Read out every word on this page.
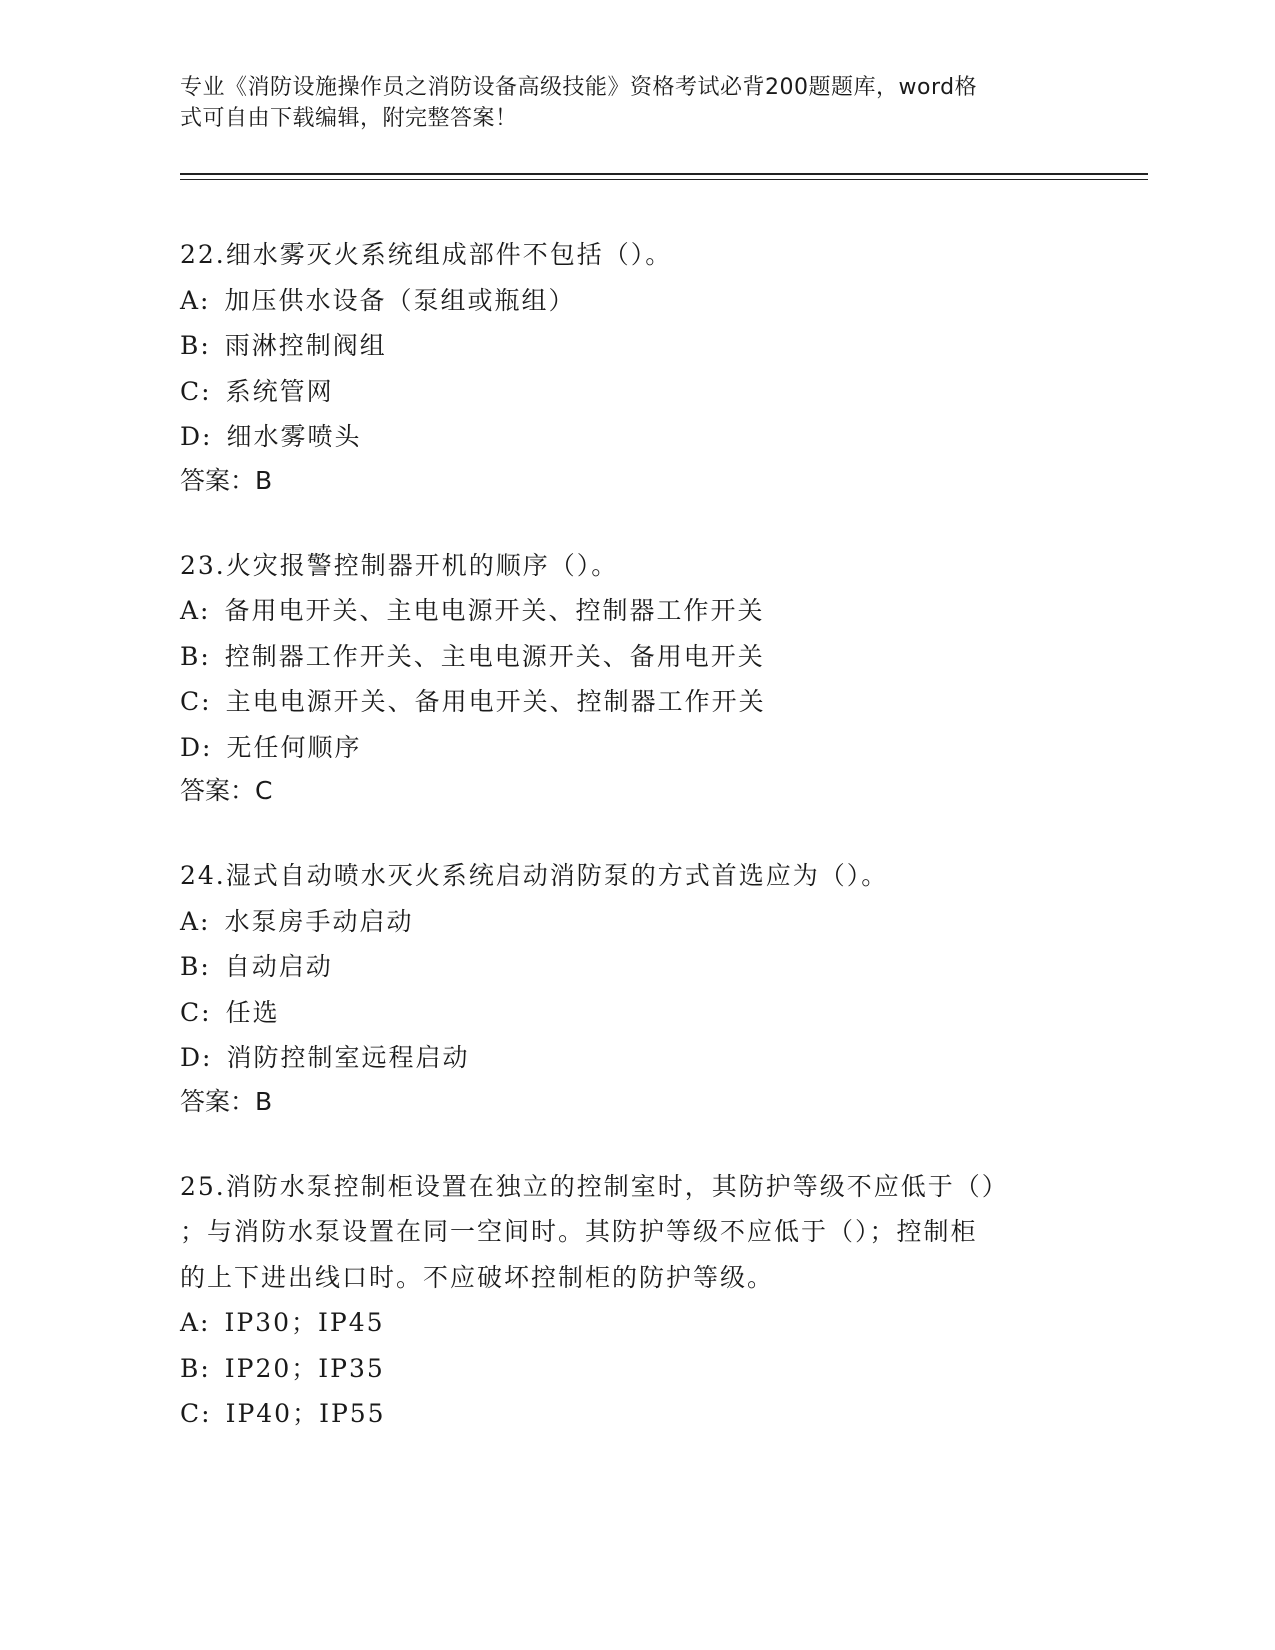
专业《消防设施操作员之消防设备高级技能》资格考试必背200题题库，word格
式可自由下载编辑，附完整答案！
22.细水雾灭火系统组成部件不包括（）。
A: 加压供水设备（泵组或瓶组）
B: 雨淋控制阀组
C: 系统管网
D: 细水雾喷头
答案：B
23.火灾报警控制器开机的顺序（）。
A: 备用电开关、主电电源开关、控制器工作开关
B: 控制器工作开关、主电电源开关、备用电开关
C: 主电电源开关、备用电开关、控制器工作开关
D: 无任何顺序
答案：C
24.湿式自动喷水灭火系统启动消防泵的方式首选应为（）。
A: 水泵房手动启动
B: 自动启动
C: 任选
D: 消防控制室远程启动
答案：B
25.消防水泵控制柜设置在独立的控制室时，其防护等级不应低于（）
；与消防水泵设置在同一空间时。其防护等级不应低于（）；控制柜
的上下进出线口时。不应破坏控制柜的防护等级。
A: IP30；IP45
B: IP20；IP35
C: IP40；IP55
